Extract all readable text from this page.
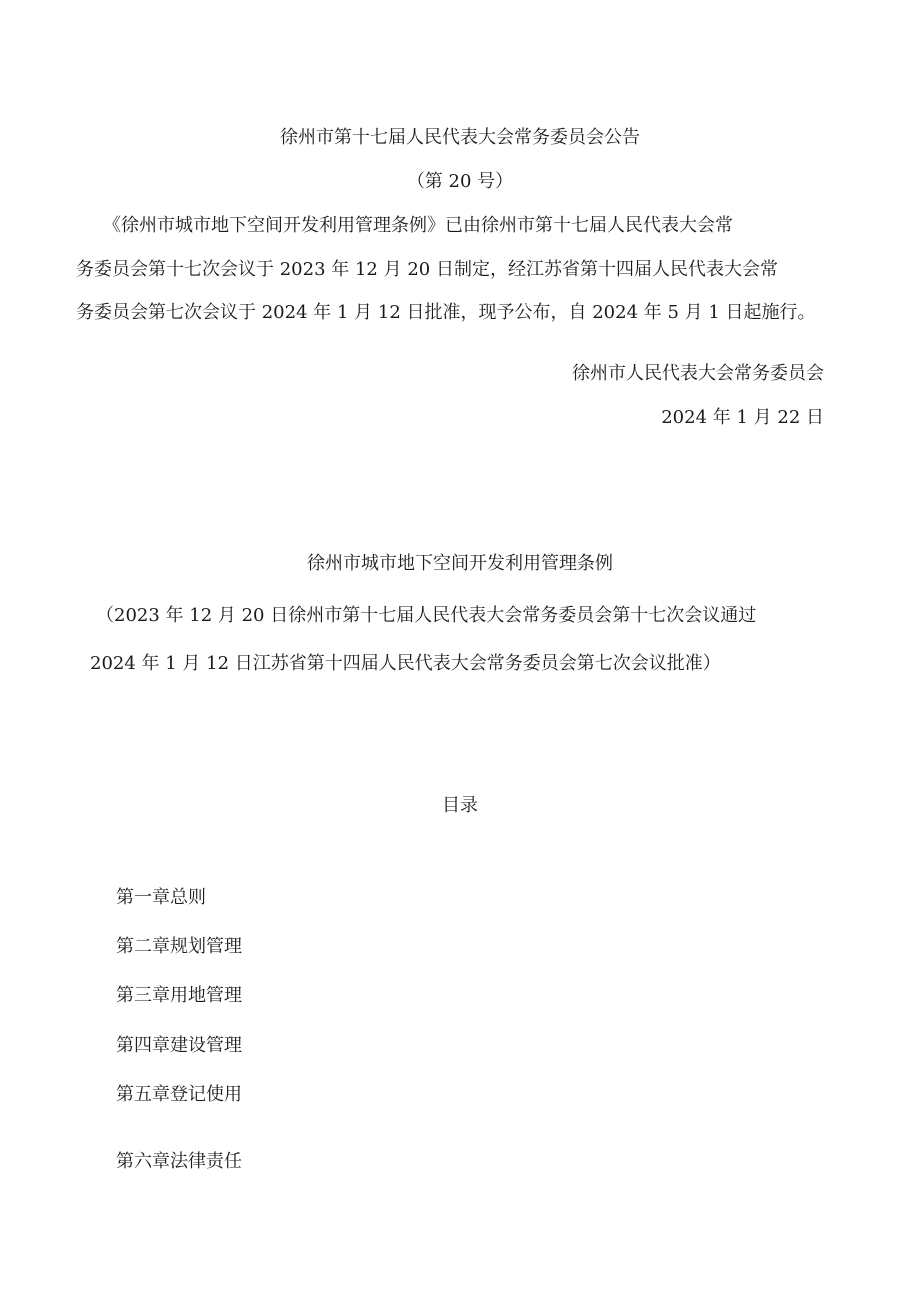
徐州市第十七届人民代表大会常务委员会公告
（第 20 号）
　　《徐州市城市地下空间开发利用管理条例》已由徐州市第十七届人民代表大会常
务委员会第十七次会议于 2023 年 12 月 20 日制定，经江苏省第十四届人民代表大会常
务委员会第七次会议于 2024 年 1 月 12 日批准，现予公布，自 2024 年 5 月 1 日起施行。
徐州市人民代表大会常务委员会
2024 年 1 月 22 日
徐州市城市地下空间开发利用管理条例
（2023 年 12 月 20 日徐州市第十七届人民代表大会常务委员会第十七次会议通过
2024 年 1 月 12 日江苏省第十四届人民代表大会常务委员会第七次会议批准）
目录
第一章总则
第二章规划管理
第三章用地管理
第四章建设管理
第五章登记使用
第六章法律责任
